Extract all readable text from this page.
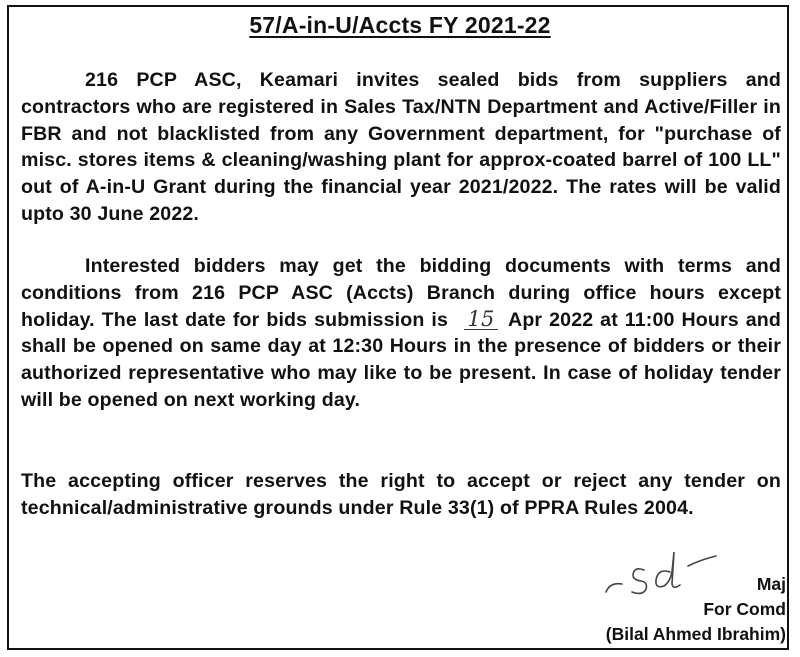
57/A-in-U/Accts FY 2021-22

216 PCP ASC, Keamari invites sealed bids from suppliers and contractors who are registered in Sales Tax/NTN Department and Active/Filler in FBR and not blacklisted from any Government department, for "purchase of misc. stores items & cleaning/washing plant for approx-coated barrel of 100 LL" out of A-in-U Grant during the financial year 2021/2022. The rates will be valid upto 30 June 2022.

Interested bidders may get the bidding documents with terms and conditions from 216 PCP ASC (Accts) Branch during office hours except holiday. The last date for bids submission is 15 Apr 2022 at 11:00 Hours and shall be opened on same day at 12:30 Hours in the presence of bidders or their authorized representative who may like to be present. In case of holiday tender will be opened on next working day.

The accepting officer reserves the right to accept or reject any tender on technical/administrative grounds under Rule 33(1) of PPRA Rules 2004.

-sd-
Maj
For Comd
(Bilal Ahmed Ibrahim)
